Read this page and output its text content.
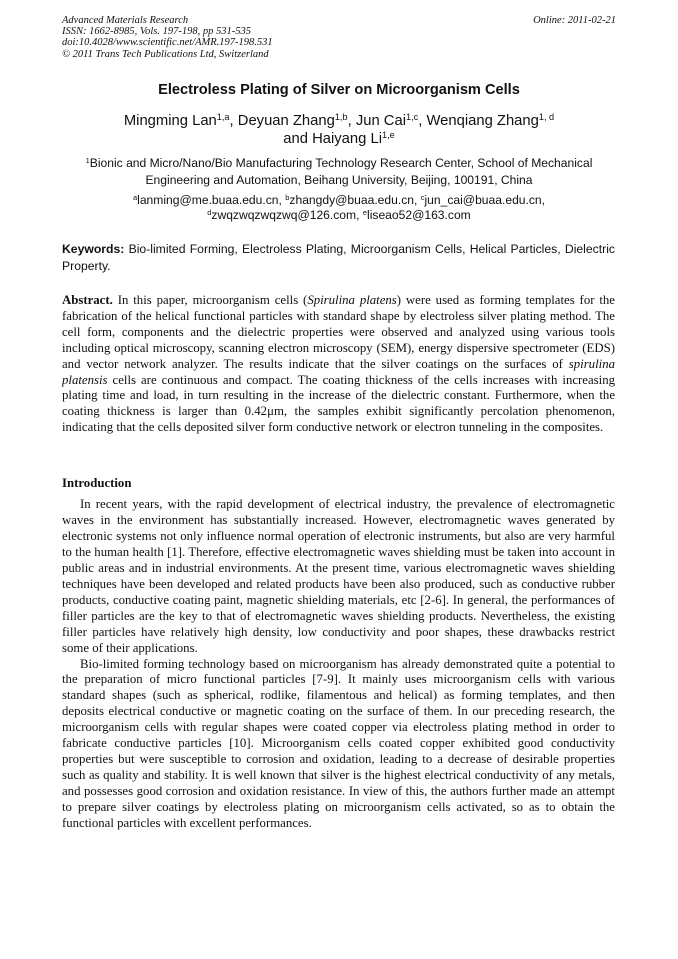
Advanced Materials Research
ISSN: 1662-8985, Vols. 197-198, pp 531-535
doi:10.4028/www.scientific.net/AMR.197-198.531
© 2011 Trans Tech Publications Ltd, Switzerland
Online: 2011-02-21
Electroless Plating of Silver on Microorganism Cells
Mingming Lan$^{1,a}$, Deyuan Zhang$^{1,b}$, Jun Cai$^{1,c}$, Wenqiang Zhang$^{1, d}$
and Haiyang Li$^{1,e}$
$^1$Bionic and Micro/Nano/Bio Manufacturing Technology Research Center, School of Mechanical Engineering and Automation, Beihang University, Beijing, 100191, China
$^a$lanming@me.buaa.edu.cn, $^b$zhangdy@buaa.edu.cn, $^c$jun_cai@buaa.edu.cn,
$^d$zwqzwqzwqzwq@126.com, $^e$liseao52@163.com
Keywords: Bio-limited Forming, Electroless Plating, Microorganism Cells, Helical Particles, Dielectric Property.

Abstract. In this paper, microorganism cells (Spirulina platens) were used as forming templates for the fabrication of the helical functional particles with standard shape by electroless silver plating method. The cell form, components and the dielectric properties were observed and analyzed using various tools including optical microscopy, scanning electron microscopy (SEM), energy dispersive spectrometer (EDS) and vector network analyzer. The results indicate that the silver coatings on the surfaces of spirulina platensis cells are continuous and compact. The coating thickness of the cells increases with increasing plating time and load, in turn resulting in the increase of the dielectric constant. Furthermore, when the coating thickness is larger than 0.42μm, the samples exhibit significantly percolation phenomenon, indicating that the cells deposited silver form conductive network or electron tunneling in the composites.

Introduction

In recent years, with the rapid development of electrical industry, the prevalence of electromagnetic waves in the environment has substantially increased. However, electromagnetic waves generated by electronic systems not only influence normal operation of electronic instruments, but also are very harmful to the human health [1]. Therefore, effective electromagnetic waves shielding must be taken into account in public areas and in industrial environments. At the present time, various electromagnetic waves shielding techniques have been developed and related products have been also produced, such as conductive rubber products, conductive coating paint, magnetic shielding materials, etc [2-6]. In general, the performances of filler particles are the key to that of electromagnetic waves shielding products. Nevertheless, the existing filler particles have relatively high density, low conductivity and poor shapes, these drawbacks restrict some of their applications.

Bio-limited forming technology based on microorganism has already demonstrated quite a potential to the preparation of micro functional particles [7-9]. It mainly uses microorganism cells with various standard shapes (such as spherical, rodlike, filamentous and helical) as forming templates, and then deposits electrical conductive or magnetic coating on the surface of them. In our preceding research, the microorganism cells with regular shapes were coated copper via electroless plating method in order to fabricate conductive particles [10]. Microorganism cells coated copper exhibited good conductivity properties but were susceptible to corrosion and oxidation, leading to a decrease of desirable properties such as quality and stability. It is well known that silver is the highest electrical conductivity of any metals, and possesses good corrosion and oxidation resistance. In view of this, the authors further made an attempt to prepare silver coatings by electroless plating on microorganism cells activated, so as to obtain the functional particles with excellent performances.
